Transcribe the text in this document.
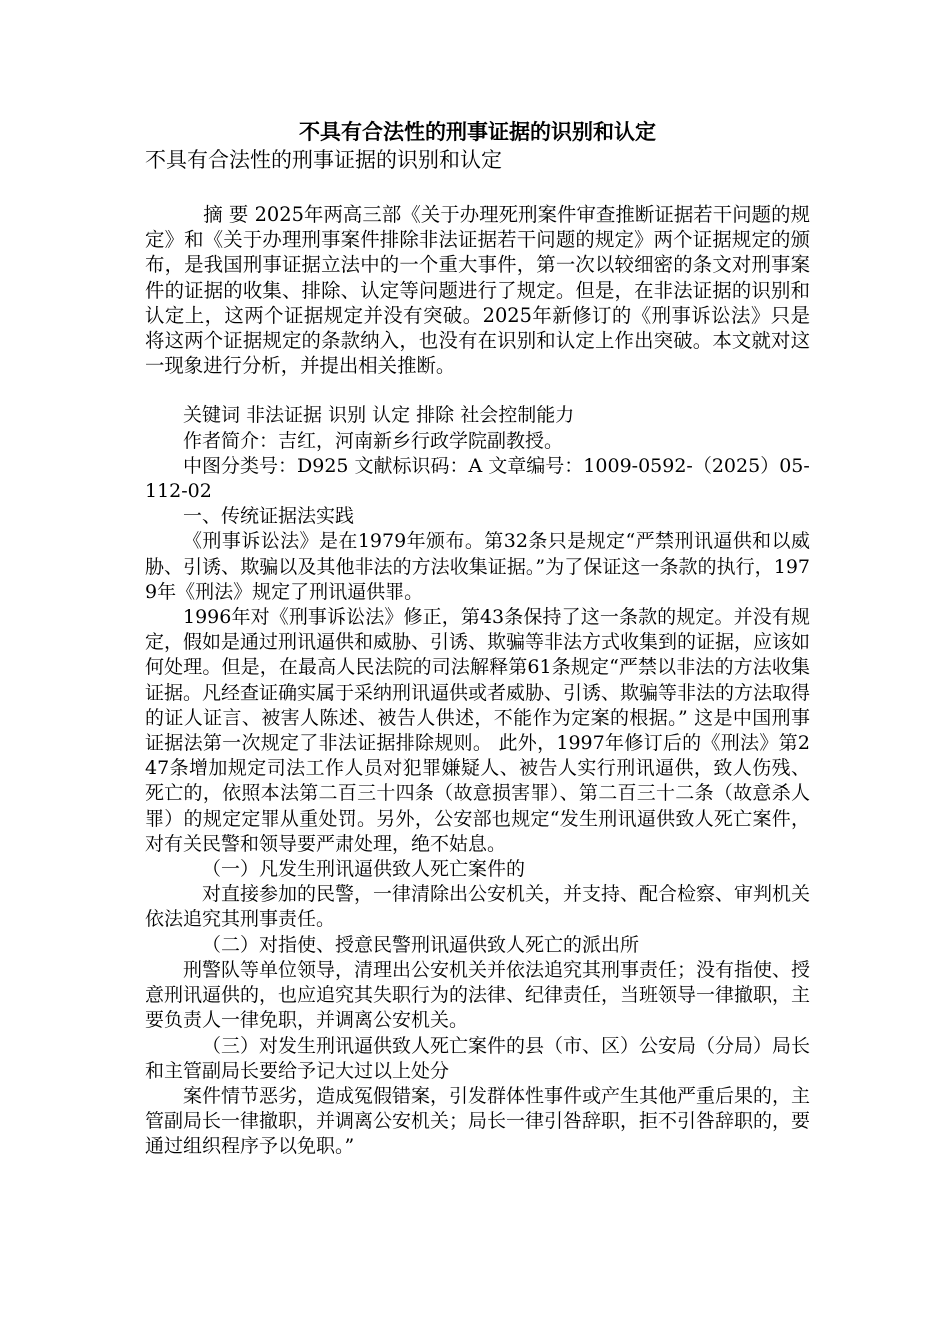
不具有合法性的刑事证据的识别和认定

不具有合法性的刑事证据的识别和认定

摘 要 2025年两高三部《关于办理死刑案件审查推断证据若干问题的规定》和《关于办理刑事案件排除非法证据若干问题的规定》两个证据规定的颁布，是我国刑事证据立法中的一个重大事件，第一次以较细密的条文对刑事案件的证据的收集、排除、认定等问题进行了规定。但是，在非法证据的识别和认定上，这两个证据规定并没有突破。2025年新修订的《刑事诉讼法》只是将这两个证据规定的条款纳入，也没有在识别和认定上作出突破。本文就对这一现象进行分析，并提出相关推断。

关键词 非法证据 识别 认定 排除 社会控制能力

作者简介：吉红，河南新乡行政学院副教授。

中图分类号：D925 文献标识码：A 文章编号：1009-0592-（2025）05-112-02

一、传统证据法实践

《刑事诉讼法》是在1979年颁布。第32条只是规定“严禁刑讯逼供和以威胁、引诱、欺骗以及其他非法的方法收集证据。”为了保证这一条款的执行，1979年《刑法》规定了刑讯逼供罪。

1996年对《刑事诉讼法》修正，第43条保持了这一条款的规定。并没有规定，假如是通过刑讯逼供和威胁、引诱、欺骗等非法方式收集到的证据，应该如何处理。但是，在最高人民法院的司法解释第61条规定“严禁以非法的方法收集证据。凡经查证确实属于采纳刑讯逼供或者威胁、引诱、欺骗等非法的方法取得的证人证言、被害人陈述、被告人供述，不能作为定案的根据。” 这是中国刑事证据法第一次规定了非法证据排除规则。 此外，1997年修订后的《刑法》第247条增加规定司法工作人员对犯罪嫌疑人、被告人实行刑讯逼供，致人伤残、死亡的，依照本法第二百三十四条（故意损害罪）、第二百三十二条（故意杀人罪）的规定定罪从重处罚。另外，公安部也规定“发生刑讯逼供致人死亡案件，对有关民警和领导要严肃处理，绝不姑息。

（一）凡发生刑讯逼供致人死亡案件的

对直接参加的民警，一律清除出公安机关，并支持、配合检察、审判机关依法追究其刑事责任。

（二）对指使、授意民警刑讯逼供致人死亡的派出所

刑警队等单位领导，清理出公安机关并依法追究其刑事责任；没有指使、授意刑讯逼供的，也应追究其失职行为的法律、纪律责任，当班领导一律撤职，主要负责人一律免职，并调离公安机关。

（三）对发生刑讯逼供致人死亡案件的县（市、区）公安局（分局）局长和主管副局长要给予记大过以上处分

案件情节恶劣，造成冤假错案，引发群体性事件或产生其他严重后果的，主管副局长一律撤职，并调离公安机关；局长一律引咎辞职，拒不引咎辞职的，要通过组织程序予以免职。”
